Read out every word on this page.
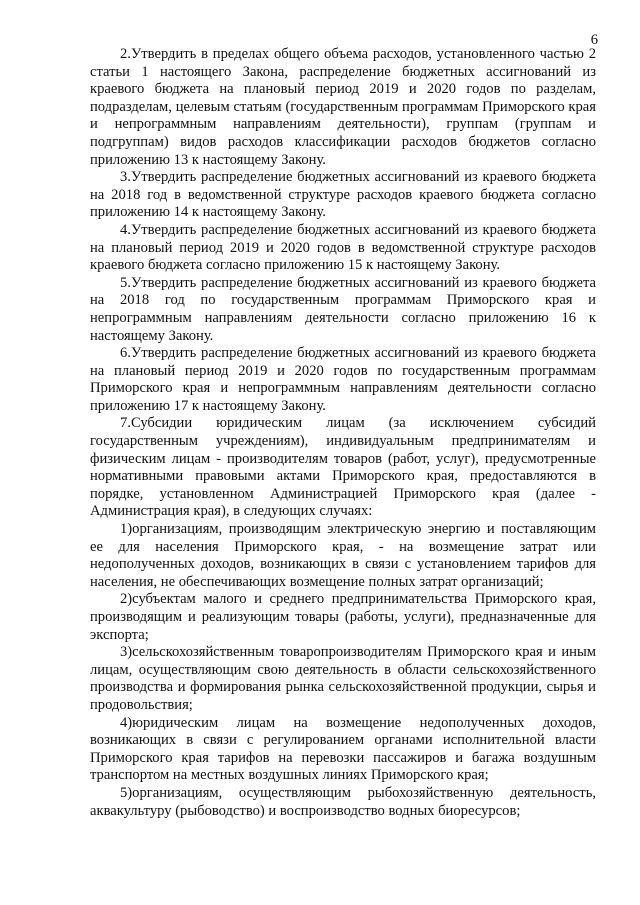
6

2.Утвердить в пределах общего объема расходов, установленного частью 2 статьи 1 настоящего Закона, распределение бюджетных ассигнований из краевого бюджета на плановый период 2019 и 2020 годов по разделам, подразделам, целевым статьям (государственным программам Приморского края и непрограммным направлениям деятельности), группам (группам и подгруппам) видов расходов классификации расходов бюджетов согласно приложению 13 к настоящему Закону.

3.Утвердить распределение бюджетных ассигнований из краевого бюджета на 2018 год в ведомственной структуре расходов краевого бюджета согласно приложению 14 к настоящему Закону.

4.Утвердить распределение бюджетных ассигнований из краевого бюджета на плановый период 2019 и 2020 годов в ведомственной структуре расходов краевого бюджета согласно приложению 15 к настоящему Закону.

5.Утвердить распределение бюджетных ассигнований из краевого бюджета на 2018 год по государственным программам Приморского края и непрограммным направлениям деятельности согласно приложению 16 к настоящему Закону.

6.Утвердить распределение бюджетных ассигнований из краевого бюджета на плановый период 2019 и 2020 годов по государственным программам Приморского края и непрограммным направлениям деятельности согласно приложению 17 к настоящему Закону.

7.Субсидии юридическим лицам (за исключением субсидий государственным учреждениям), индивидуальным предпринимателям и физическим лицам - производителям товаров (работ, услуг), предусмотренные нормативными правовыми актами Приморского края, предоставляются в порядке, установленном Администрацией Приморского края (далее - Администрация края), в следующих случаях:

1)организациям, производящим электрическую энергию и поставляющим ее для населения Приморского края, - на возмещение затрат или недополученных доходов, возникающих в связи с установлением тарифов для населения, не обеспечивающих возмещение полных затрат организаций;

2)субъектам малого и среднего предпринимательства Приморского края, производящим и реализующим товары (работы, услуги), предназначенные для экспорта;

3)сельскохозяйственным товаропроизводителям Приморского края и иным лицам, осуществляющим свою деятельность в области сельскохозяйственного производства и формирования рынка сельскохозяйственной продукции, сырья и продовольствия;

4)юридическим лицам на возмещение недополученных доходов, возникающих в связи с регулированием органами исполнительной власти Приморского края тарифов на перевозки пассажиров и багажа воздушным транспортом на местных воздушных линиях Приморского края;

5)организациям, осуществляющим рыбохозяйственную деятельность, аквакультуру (рыбоводство) и воспроизводство водных биоресурсов;
